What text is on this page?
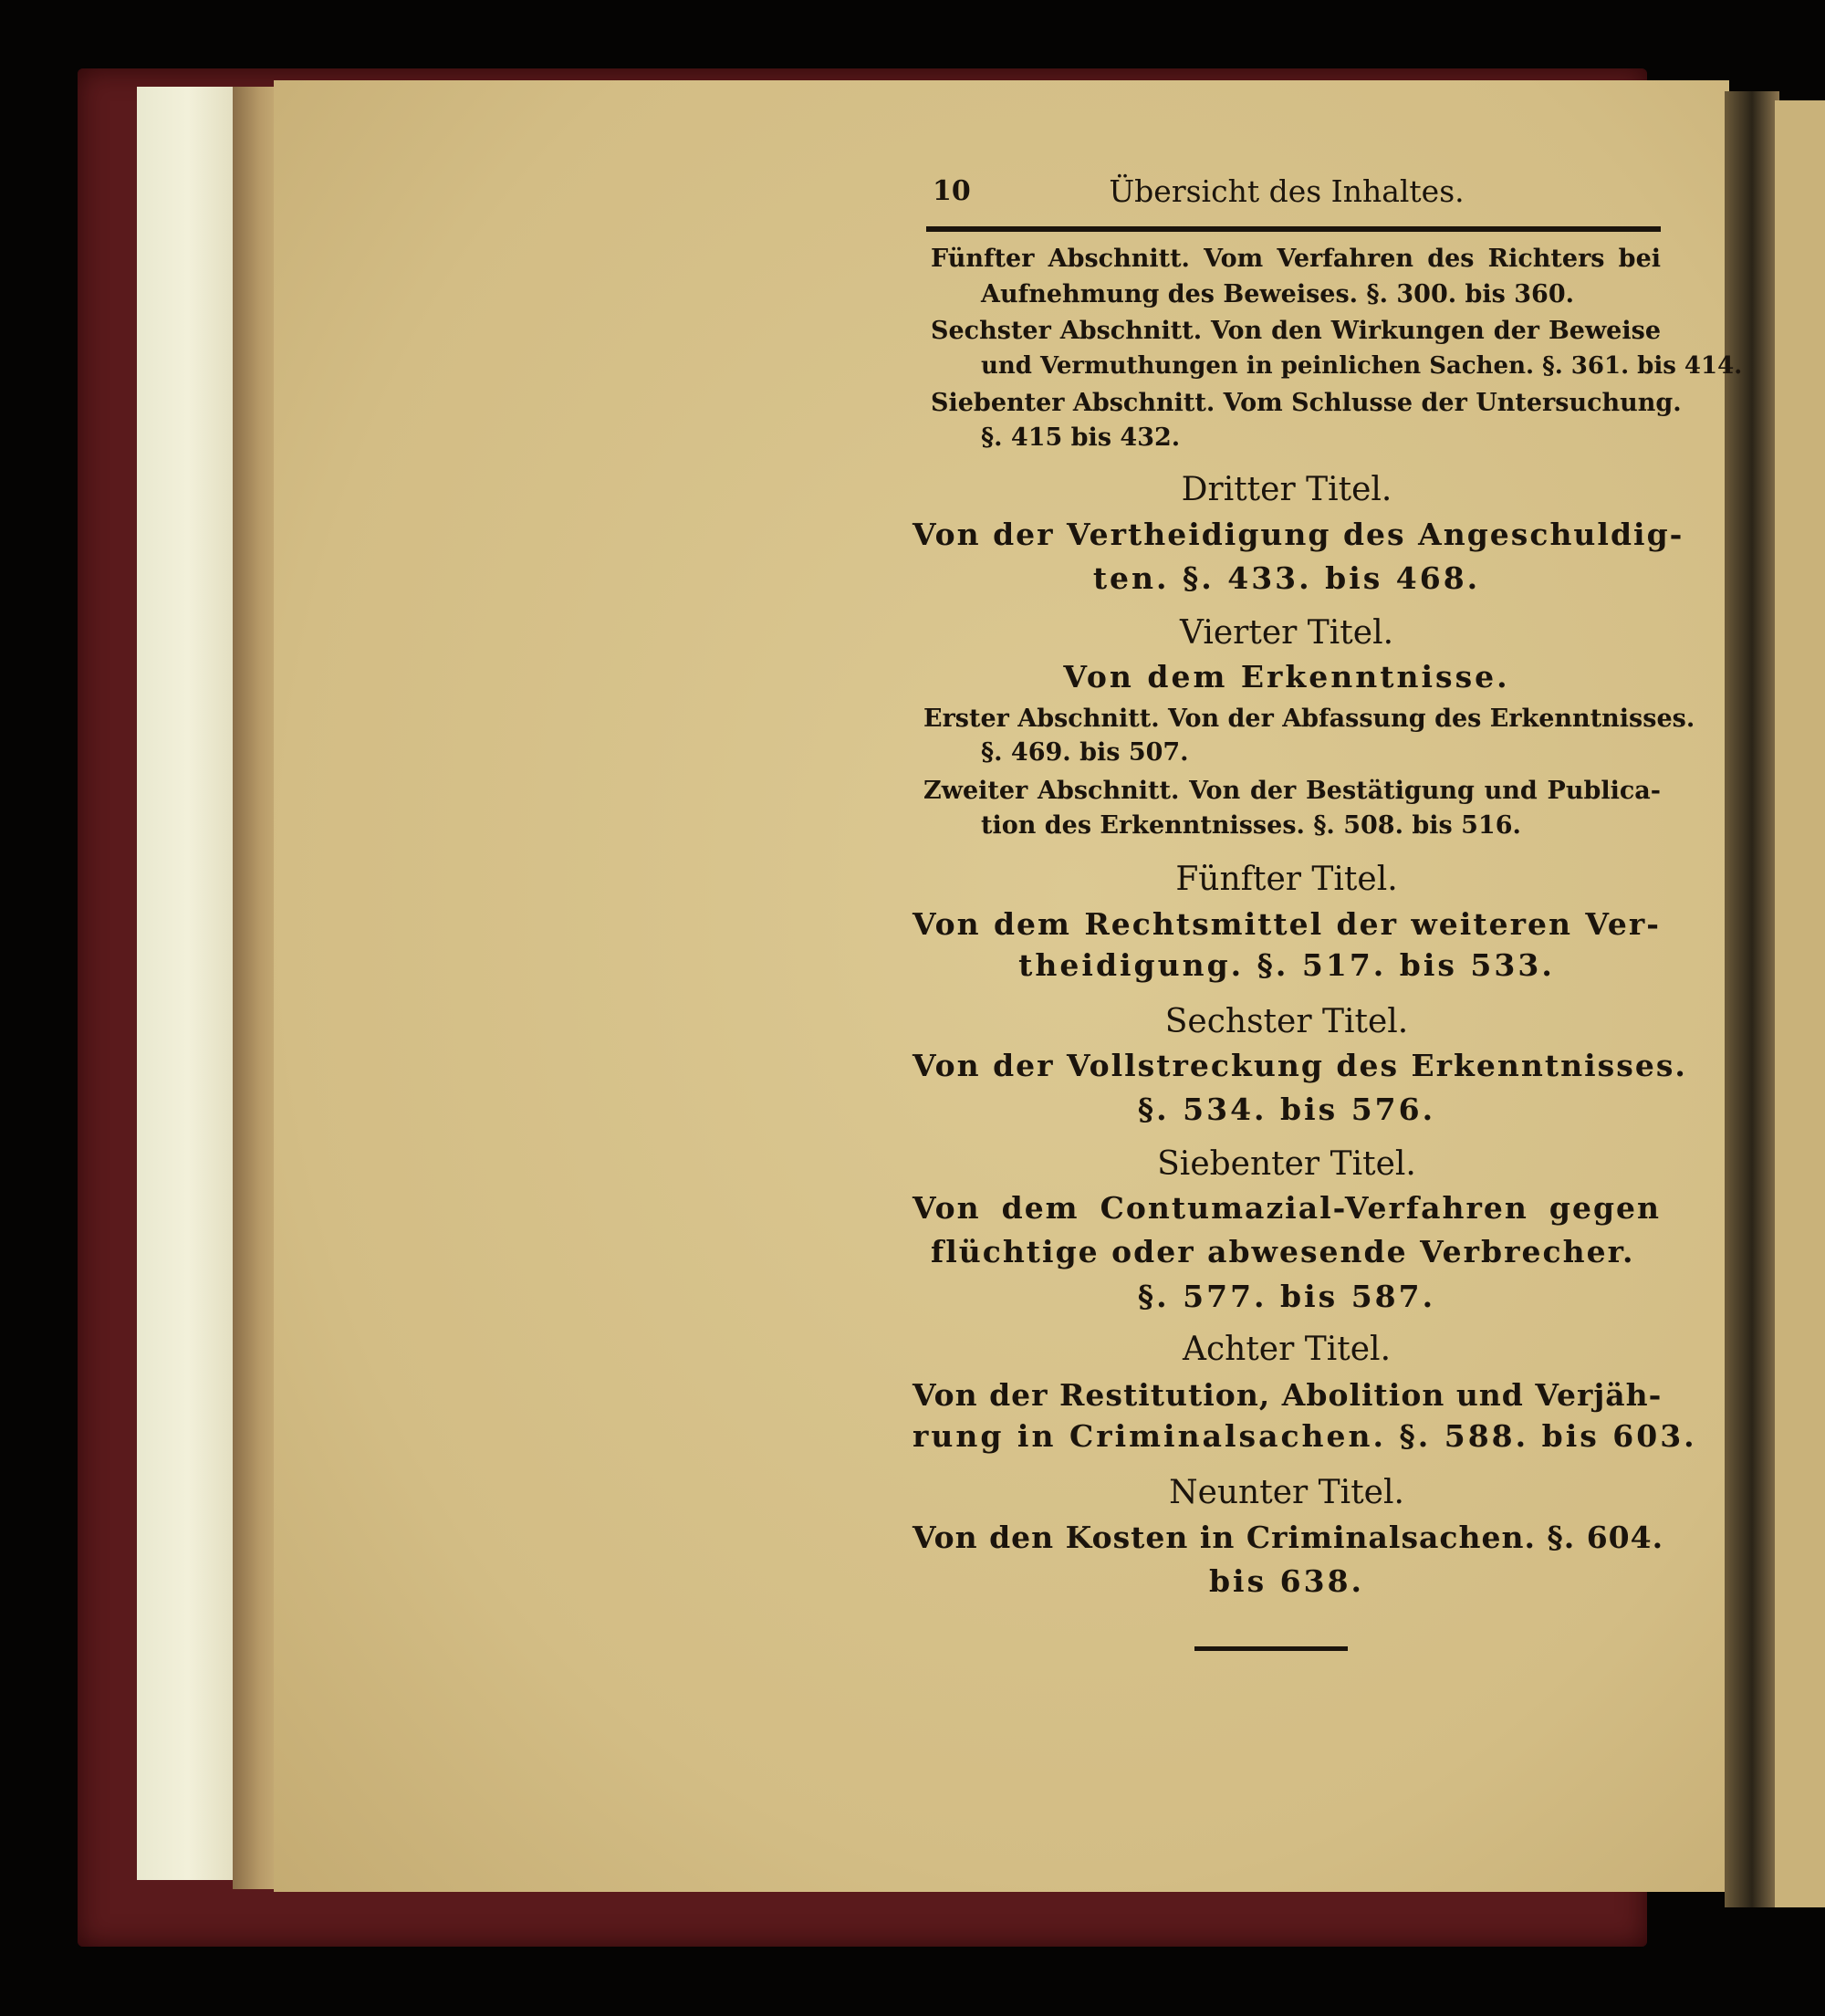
10	Übersicht des Inhaltes.
Fünfter Abschnitt. Vom Verfahren des Richters bei
Aufnehmung des Beweises. §. 300. bis 360.
Sechster Abschnitt. Von den Wirkungen der Beweise
und Vermuthungen in peinlichen Sachen. §. 361. bis 414.
Siebenter Abschnitt. Vom Schlusse der Untersuchung.
§. 415 bis 432.
Dritter Titel.
Von der Vertheidigung des Angeschuldig-
ten. §. 433. bis 468.
Vierter Titel.
Von dem Erkenntnisse.
Erster Abschnitt. Von der Abfassung des Erkenntnisses.
§. 469. bis 507.
Zweiter Abschnitt. Von der Bestätigung und Publica-
tion des Erkenntnisses. §. 508. bis 516.
Fünfter Titel.
Von dem Rechtsmittel der weiteren Ver-
theidigung. §. 517. bis 533.
Sechster Titel.
Von der Vollstreckung des Erkenntnisses.
§. 534. bis 576.
Siebenter Titel.
Von dem Contumazial-Verfahren gegen
flüchtige oder abwesende Verbrecher.
§. 577. bis 587.
Achter Titel.
Von der Restitution, Abolition und Verjäh-
rung in Criminalsachen. §. 588. bis 603.
Neunter Titel.
Von den Kosten in Criminalsachen. §. 604.
bis 638.
